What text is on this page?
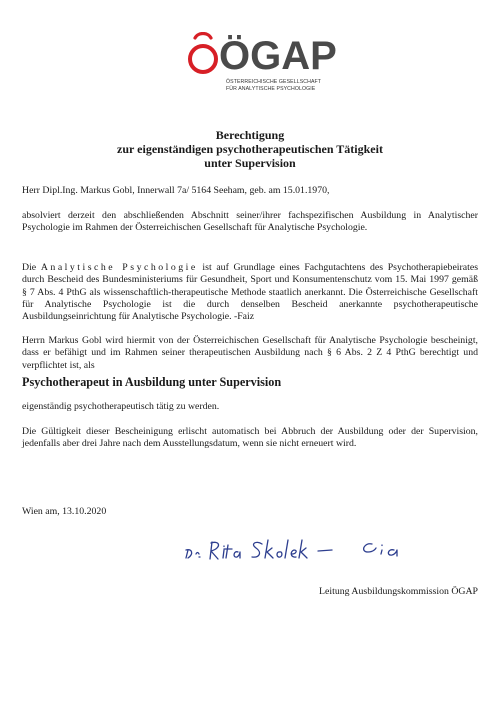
ÖGAP
ÖSTERREICHISCHE GESELLSCHAFT
FÜR ANALYTISCHE PSYCHOLOGIE
Berechtigung
zur eigenständigen psychotherapeutischen Tätigkeit
unter Supervision
Herr Dipl.Ing. Markus Gobl, Innerwall 7a/ 5164 Seeham, geb. am 15.01.1970,
absolviert derzeit den abschließenden Abschnitt seiner/ihrer fachspezifischen Ausbildung in Analytischer Psychologie im Rahmen der Österreichischen Gesellschaft für Analytische Psychologie.
Die Analytische Psychologie ist auf Grundlage eines Fachgutachtens des Psychotherapiebeirates durch Bescheid des Bundesministeriums für Gesundheit, Sport und Konsumentenschutz vom 15. Mai 1997 gemäß § 7 Abs. 4 PthG als wissenschaftlich-therapeutische Methode staatlich anerkannt. Die Österreichische Gesellschaft für Analytische Psychologie ist die durch denselben Bescheid anerkannte psychotherapeutische Ausbildungseinrichtung für Analytische Psychologie. -Faiz
Herrn Markus Gobl wird hiermit von der Österreichischen Gesellschaft für Analytische Psychologie bescheinigt, dass er befähigt und im Rahmen seiner therapeutischen Ausbildung nach § 6 Abs. 2 Z 4 PthG berechtigt und verpflichtet ist, als
Psychotherapeut in Ausbildung unter Supervision
eigenständig psychotherapeutisch tätig zu werden.
Die Gültigkeit dieser Bescheinigung erlischt automatisch bei Abbruch der Ausbildung oder der Supervision, jedenfalls aber drei Jahre nach dem Ausstellungsdatum, wenn sie nicht erneuert wird.
Wien am, 13.10.2020
Leitung Ausbildungskommission ÖGAP
